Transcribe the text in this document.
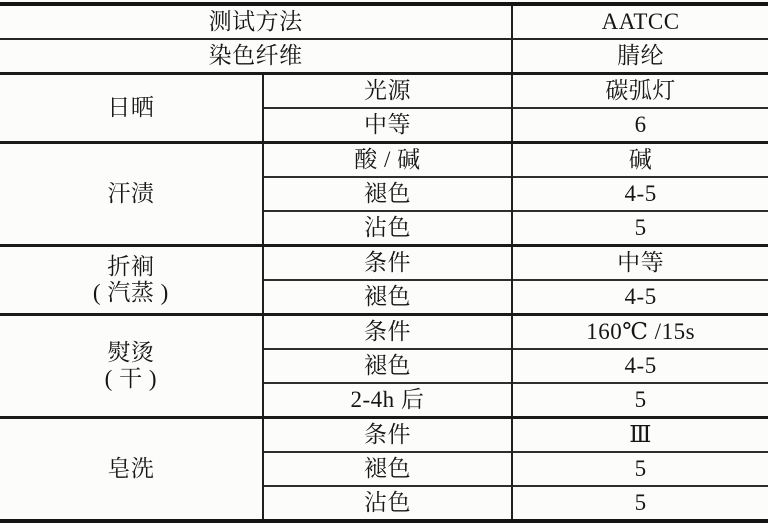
测试方法		AATCC
染色纤维		腈纶

日晒	光源	碳弧灯
	中等	6

汗渍	酸 / 碱	碱
	褪色	4-5
	沾色	5

折裥
( 汽蒸 )	条件	中等
	褪色	4-5

熨烫
( 干 )	条件	160℃ /15s
	褪色	4-5
	2-4h 后	5

皂洗	条件	Ⅲ
	褪色	5
	沾色	5
